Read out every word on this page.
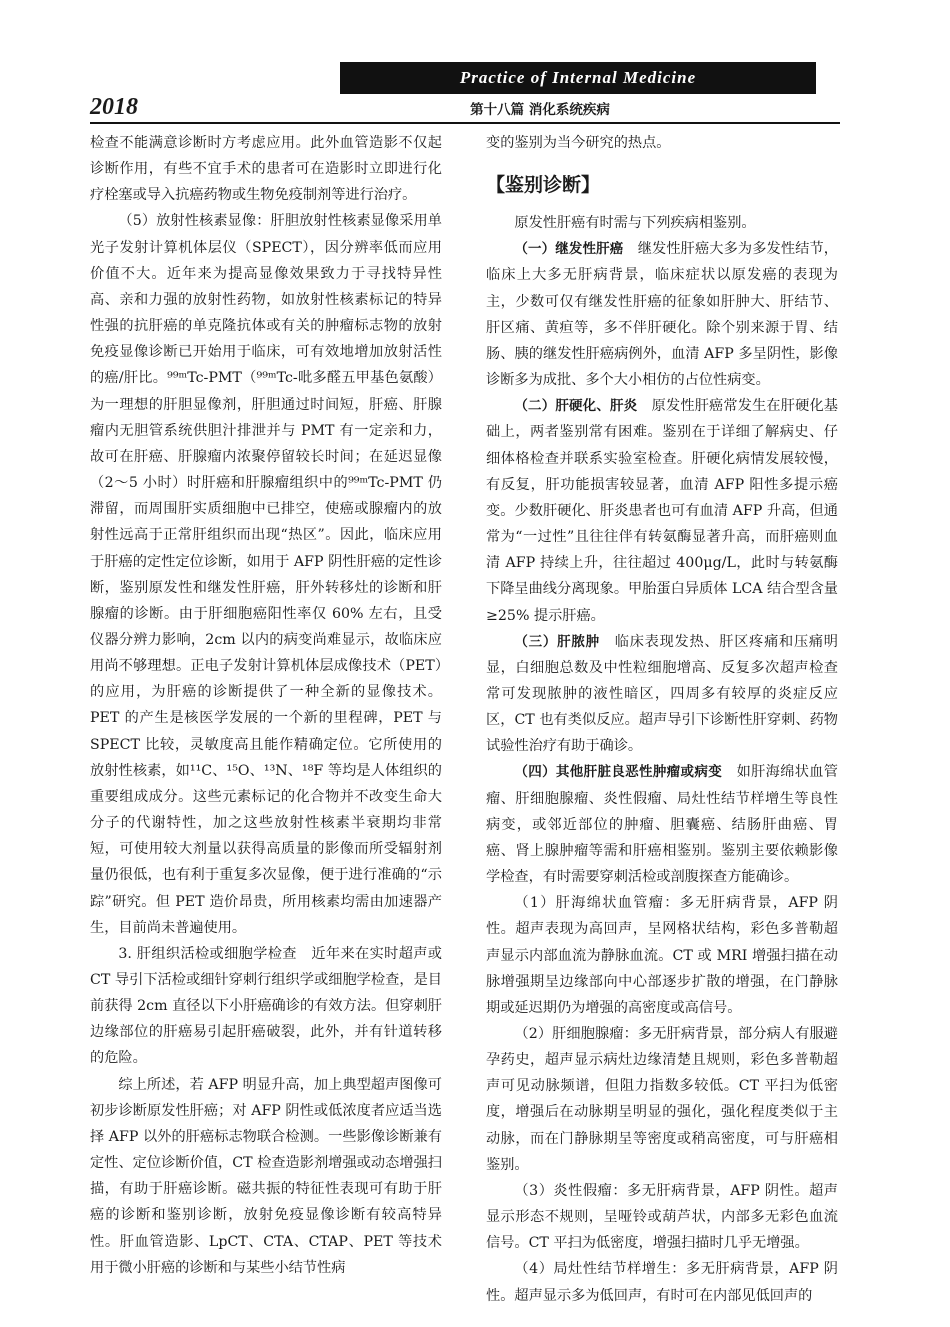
Practice of Internal Medicine
2018	第十八篇 消化系统疾病

检查不能满意诊断时方考虑应用。此外血管造影不仅起诊断作用，有些不宜手术的患者可在造影时立即进行化疗栓塞或导入抗癌药物或生物免疫制剂等进行治疗。

（5）放射性核素显像：肝胆放射性核素显像采用单光子发射计算机体层仪（SPECT），因分辨率低而应用价值不大。近年来为提高显像效果致力于寻找特异性高、亲和力强的放射性药物，如放射性核素标记的特异性强的抗肝癌的单克隆抗体或有关的肿瘤标志物的放射免疫显像诊断已开始用于临床，可有效地增加放射活性的癌/肝比。⁹⁹ᵐTc-PMT（⁹⁹ᵐTc-吡多醛五甲基色氨酸）为一理想的肝胆显像剂，肝胆通过时间短，肝癌、肝腺瘤内无胆管系统供胆汁排泄并与 PMT 有一定亲和力，故可在肝癌、肝腺瘤内浓聚停留较长时间；在延迟显像（2～5 小时）时肝癌和肝腺瘤组织中的⁹⁹ᵐTc-PMT 仍滞留，而周围肝实质细胞中已排空，使癌或腺瘤内的放射性远高于正常肝组织而出现“热区”。因此，临床应用于肝癌的定性定位诊断，如用于 AFP 阴性肝癌的定性诊断，鉴别原发性和继发性肝癌，肝外转移灶的诊断和肝腺瘤的诊断。由于肝细胞癌阳性率仅 60% 左右，且受仪器分辨力影响，2cm 以内的病变尚难显示，故临床应用尚不够理想。正电子发射计算机体层成像技术（PET）的应用，为肝癌的诊断提供了一种全新的显像技术。PET 的产生是核医学发展的一个新的里程碑，PET 与 SPECT 比较，灵敏度高且能作精确定位。它所使用的放射性核素，如¹¹C、¹⁵O、¹³N、¹⁸F 等均是人体组织的重要组成成分。这些元素标记的化合物并不改变生命大分子的代谢特性，加之这些放射性核素半衰期均非常短，可使用较大剂量以获得高质量的影像而所受辐射剂量仍很低，也有利于重复多次显像，便于进行准确的“示踪”研究。但 PET 造价昂贵，所用核素均需由加速器产生，目前尚未普遍使用。

3. 肝组织活检或细胞学检查　近年来在实时超声或 CT 导引下活检或细针穿刺行组织学或细胞学检查，是目前获得 2cm 直径以下小肝癌确诊的有效方法。但穿刺肝边缘部位的肝癌易引起肝癌破裂，此外，并有针道转移的危险。

综上所述，若 AFP 明显升高，加上典型超声图像可初步诊断原发性肝癌；对 AFP 阴性或低浓度者应适当选择 AFP 以外的肝癌标志物联合检测。一些影像诊断兼有定性、定位诊断价值，CT 检查造影剂增强或动态增强扫描，有助于肝癌诊断。磁共振的特征性表现可有助于肝癌的诊断和鉴别诊断，放射免疫显像诊断有较高特异性。肝血管造影、LpCT、CTA、CTAP、PET 等技术用于微小肝癌的诊断和与某些小结节性病

变的鉴别为当今研究的热点。

【鉴别诊断】

原发性肝癌有时需与下列疾病相鉴别。

（一）继发性肝癌　继发性肝癌大多为多发性结节，临床上大多无肝病背景，临床症状以原发癌的表现为主，少数可仅有继发性肝癌的征象如肝肿大、肝结节、肝区痛、黄疸等，多不伴肝硬化。除个别来源于胃、结肠、胰的继发性肝癌病例外，血清 AFP 多呈阴性，影像诊断多为成批、多个大小相仿的占位性病变。

（二）肝硬化、肝炎　原发性肝癌常发生在肝硬化基础上，两者鉴别常有困难。鉴别在于详细了解病史、仔细体格检查并联系实验室检查。肝硬化病情发展较慢，有反复，肝功能损害较显著，血清 AFP 阳性多提示癌变。少数肝硬化、肝炎患者也可有血清 AFP 升高，但通常为“一过性”且往往伴有转氨酶显著升高，而肝癌则血清 AFP 持续上升，往往超过 400μg/L，此时与转氨酶下降呈曲线分离现象。甲胎蛋白异质体 LCA 结合型含量≥25% 提示肝癌。

（三）肝脓肿　临床表现发热、肝区疼痛和压痛明显，白细胞总数及中性粒细胞增高、反复多次超声检查常可发现脓肿的液性暗区，四周多有较厚的炎症反应区，CT 也有类似反应。超声导引下诊断性肝穿刺、药物试验性治疗有助于确诊。

（四）其他肝脏良恶性肿瘤或病变　如肝海绵状血管瘤、肝细胞腺瘤、炎性假瘤、局灶性结节样增生等良性病变，或邻近部位的肿瘤、胆囊癌、结肠肝曲癌、胃癌、肾上腺肿瘤等需和肝癌相鉴别。鉴别主要依赖影像学检查，有时需要穿刺活检或剖腹探查方能确诊。

（1）肝海绵状血管瘤：多无肝病背景，AFP 阴性。超声表现为高回声，呈网格状结构，彩色多普勒超声显示内部血流为静脉血流。CT 或 MRI 增强扫描在动脉增强期呈边缘部向中心部逐步扩散的增强，在门静脉期或延迟期仍为增强的高密度或高信号。

（2）肝细胞腺瘤：多无肝病背景，部分病人有服避孕药史，超声显示病灶边缘清楚且规则，彩色多普勒超声可见动脉频谱，但阻力指数多较低。CT 平扫为低密度，增强后在动脉期呈明显的强化，强化程度类似于主动脉，而在门静脉期呈等密度或稍高密度，可与肝癌相鉴别。

（3）炎性假瘤：多无肝病背景，AFP 阴性。超声显示形态不规则，呈哑铃或葫芦状，内部多无彩色血流信号。CT 平扫为低密度，增强扫描时几乎无增强。

（4）局灶性结节样增生：多无肝病背景，AFP 阴性。超声显示多为低回声，有时可在内部见低回声的
